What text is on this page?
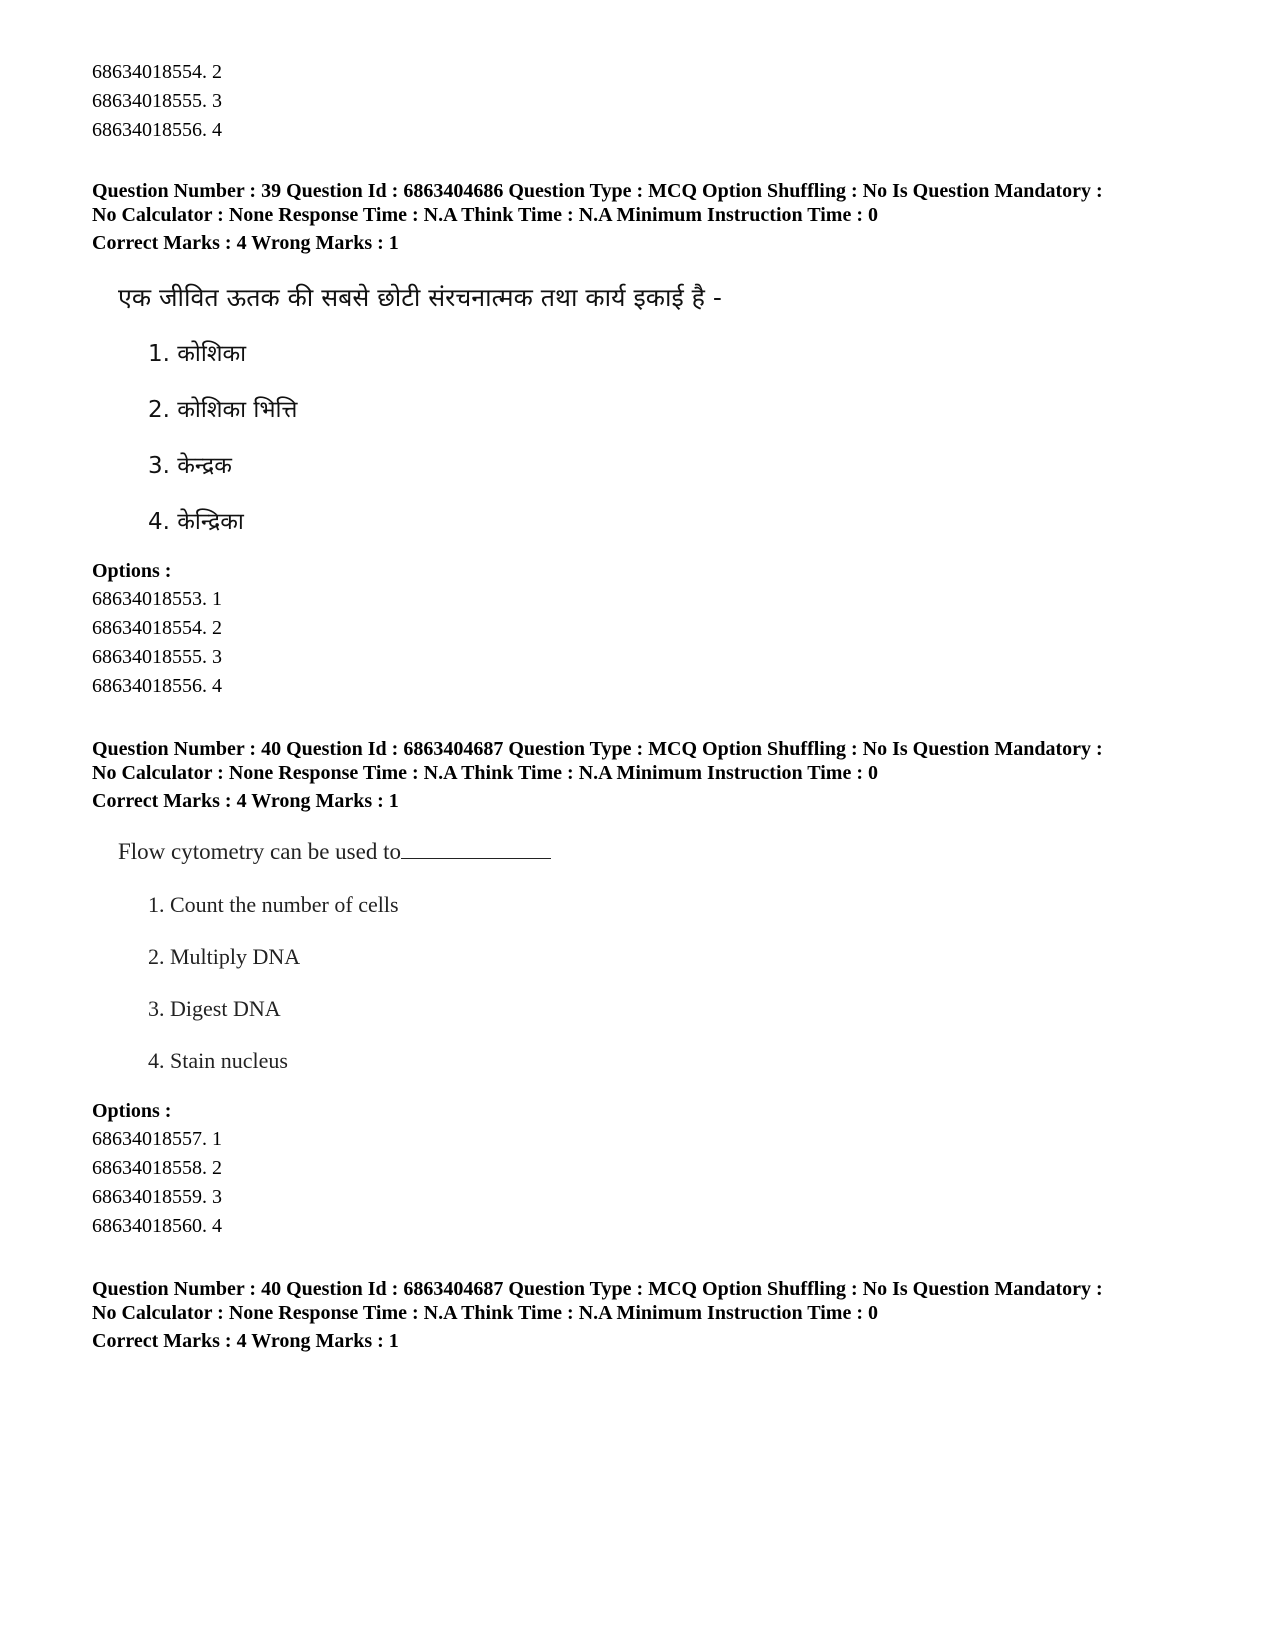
68634018554. 2
68634018555. 3
68634018556. 4
Question Number : 39 Question Id : 6863404686 Question Type : MCQ Option Shuffling : No Is Question Mandatory :
No Calculator : None Response Time : N.A Think Time : N.A Minimum Instruction Time : 0
Correct Marks : 4 Wrong Marks : 1
एक जीवित ऊतक की सबसे छोटी संरचनात्मक तथा कार्य इकाई है -
1. कोशिका
2. कोशिका भित्ति
3. केन्द्रक
4. केन्द्रिका
Options :
68634018553. 1
68634018554. 2
68634018555. 3
68634018556. 4
Question Number : 40 Question Id : 6863404687 Question Type : MCQ Option Shuffling : No Is Question Mandatory :
No Calculator : None Response Time : N.A Think Time : N.A Minimum Instruction Time : 0
Correct Marks : 4 Wrong Marks : 1
Flow cytometry can be used to
1. Count the number of cells
2. Multiply DNA
3. Digest DNA
4. Stain nucleus
Options :
68634018557. 1
68634018558. 2
68634018559. 3
68634018560. 4
Question Number : 40 Question Id : 6863404687 Question Type : MCQ Option Shuffling : No Is Question Mandatory :
No Calculator : None Response Time : N.A Think Time : N.A Minimum Instruction Time : 0
Correct Marks : 4 Wrong Marks : 1
